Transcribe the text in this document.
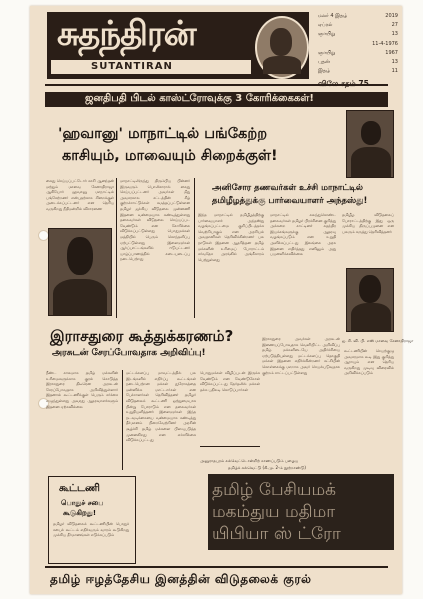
சுதந்திரன்
SUTANTIRAN
மலர் 4 இதழ்	2019
ஏப்ரல்	27
ஞாயிறு	13
11-4-1976
ஞாயிறு	1967
புதன்	13
இதழ்	11
ஜனதிபதி பிடல் காஸ்ட்ரோவுக்கு 3 கோரிக்கைகள்!
'ஹவானு' மாநாட்டில் பங்கேற்ற
காசியும், மாவையும் சிறைக்குள்!
கைது செய்யப்பட்டோர் காசி ஆனந்தன் மற்றும் மாவை சேனாதிராஜா ஆகியோர் ஹவானு மாநாட்டில் பங்கேற்றனர் என்பதற்காக சிறைக்குள் அடைக்கப்பட்டனர் என தெரிய வருகிறது நீதிமன்றில் விசாரணை
மாநாட்டிலிருந்து திரும்பிய பின்னர் இருவரும் பொலிசாரால் கைது செய்யப்பட்டனர் அவர்கள் மீது அவசரகால சட்டத்தின் கீழ் குற்றச்சாட்டுக்கள் சுமத்தப்பட்டுள்ளன தமிழர் ஐக்கிய விடுதலை முன்னணி இதனை வன்மையாக கண்டித்துள்ளது தலைவர்கள் விடுதலை செய்யப்பட வேண்டும் என கோரிக்கை விடுக்கப்பட்டுள்ளது பொதுமக்கள் மத்தியில் பெரும் கொந்தளிப்பு ஏற்பட்டுள்ளது இளைஞர்கள் ஆர்ப்பாட்டங்களில் ஈடுபட்டனர் யாழ்ப்பாணத்தில் கடையடைப்பு நடைபெற்றது
அனிசோர தணவர்கள் உச்சி மாநாட்டில்
தமிழீழத்துக்கு பார்வையாளர் அந்தஸ்து!
இந்த மாநாட்டில் தமிழீழத்திற்கு பார்வையாளர் அந்தஸ்து வழங்கப்பட்டமை குறிப்பிடத்தக்க வெற்றியாகும் என அரசியல் அவதானிகள் தெரிவிக்கின்றனர் பல நாடுகள் இதனை ஆதரித்தன தமிழ் மக்களின் உரிமைப் போராட்டம் சர்வதேச அரங்கில் அங்கீகாரம் பெற்றுள்ளது
மாநாட்டில் கலந்துகொண்ட தலைவர்கள் தமிழர் பிரச்சினை குறித்து அக்கறை காட்டினர் சுதந்திர இயக்கங்களுக்கு ஆதரவு வழங்கப்படும் என உறுதி அளிக்கப்பட்டது இலங்கை அரசு இதனை எதிர்த்தது எனினும் அது பயனளிக்கவில்லை
தமிழீழ விடுதலைப் போராட்டத்திற்கு இது ஒரு முக்கிய திருப்புமுனை என பலரும் கருத்து தெரிவித்தனர்
இராசதுரை கூத்துக்கரணம்?
அரசுடன் சேரப்போவதாக அறிவிப்பு!
இராசதுரை அவர்கள் அரசுடன் இணையப்போவதாக வெளியிட்ட அறிவிப்பு தமிழ் மக்களிடையே அதிர்ச்சியை ஏற்படுத்தியுள்ளது மட்டக்களப்பு தொகுதி மக்கள் இதனை எதிர்க்கின்றனர் கட்சியின் கொள்கைக்கு மாறாக அவர் செயல்படுவதாக குற்றம் சாட்டப்பட்டுள்ளது
ஐ. சி. வி. பி. எஸ் மாவை சேனாதிராஜா
கூட்டணியின் செயற்குழு அவசரமாக கூடி இது குறித்து ஆராயும் என தெரிய வருகிறது முடிவு விரைவில் அறிவிக்கப்படும்
நீண்ட காலமாக தமிழ் மக்களின் உரிமைகளுக்காக குரல் கொடுத்த இராசதுரை திடீரென அரசுடன் சேரப்போவதாக அறிவித்துள்ளார் இதனால் கூட்டணிக்குள் பெரும் சர்ச்சை எழுந்துள்ளது அவரது ஆதரவாளர்களும் இதனை ஏற்கவில்லை
மட்டக்களப்பு மாவட்டத்தில் பல இடங்களில் எதிர்ப்பு கூட்டங்கள் நடைபெற்றன மக்கள் துரோகத்தை மன்னிக்க மாட்டார்கள் என பேச்சாளர்கள் தெரிவித்தனர் தமிழர் விடுதலைக் கூட்டணி ஒற்றுமையாக நின்று போராடும் என தலைவர்கள் உறுதியளித்தனர் இளைஞர்கள் இந்த நடவடிக்கையை வன்மையாக கண்டித்து தீர்மானம் நிறைவேற்றினர் அரசின் சூழ்ச்சி தமிழ் மக்களை பிளவுபடுத்த முனைகிறது என எச்சரிக்கை விடுக்கப்பட்டது
பொதுமக்கள் விழிப்புடன் இருக்க வேண்டும் என வேண்டுகோள் விடுக்கப்பட்டது தேர்தலில் மக்கள் தக்க பதிலடி கொடுப்பார்கள்
அனுராதபுரம் கல்வெட்டொன்றிற் காணப்படும் பழைய
தமிழ்க் கல்வெட்டு (கி.மு. 2-ம் நூற்றாண்டு)
கூட்டணி
பொதுச் சபை
கூடுகிறது!
தமிழர் விடுதலைக் கூட்டணியின் பொதுச் சபைக் கூட்டம் எதிர்வரும் வாரம் கூடுகிறது முக்கிய தீர்மானங்கள் எடுக்கப்படும்
தமிழ் பேசியமக்
மகம்துய மதிமா
யிபியா ஸ் ட்ரோ
தமிழ் ஈழத்தேசிய இனத்தின் விடுதலைக் குரல்
